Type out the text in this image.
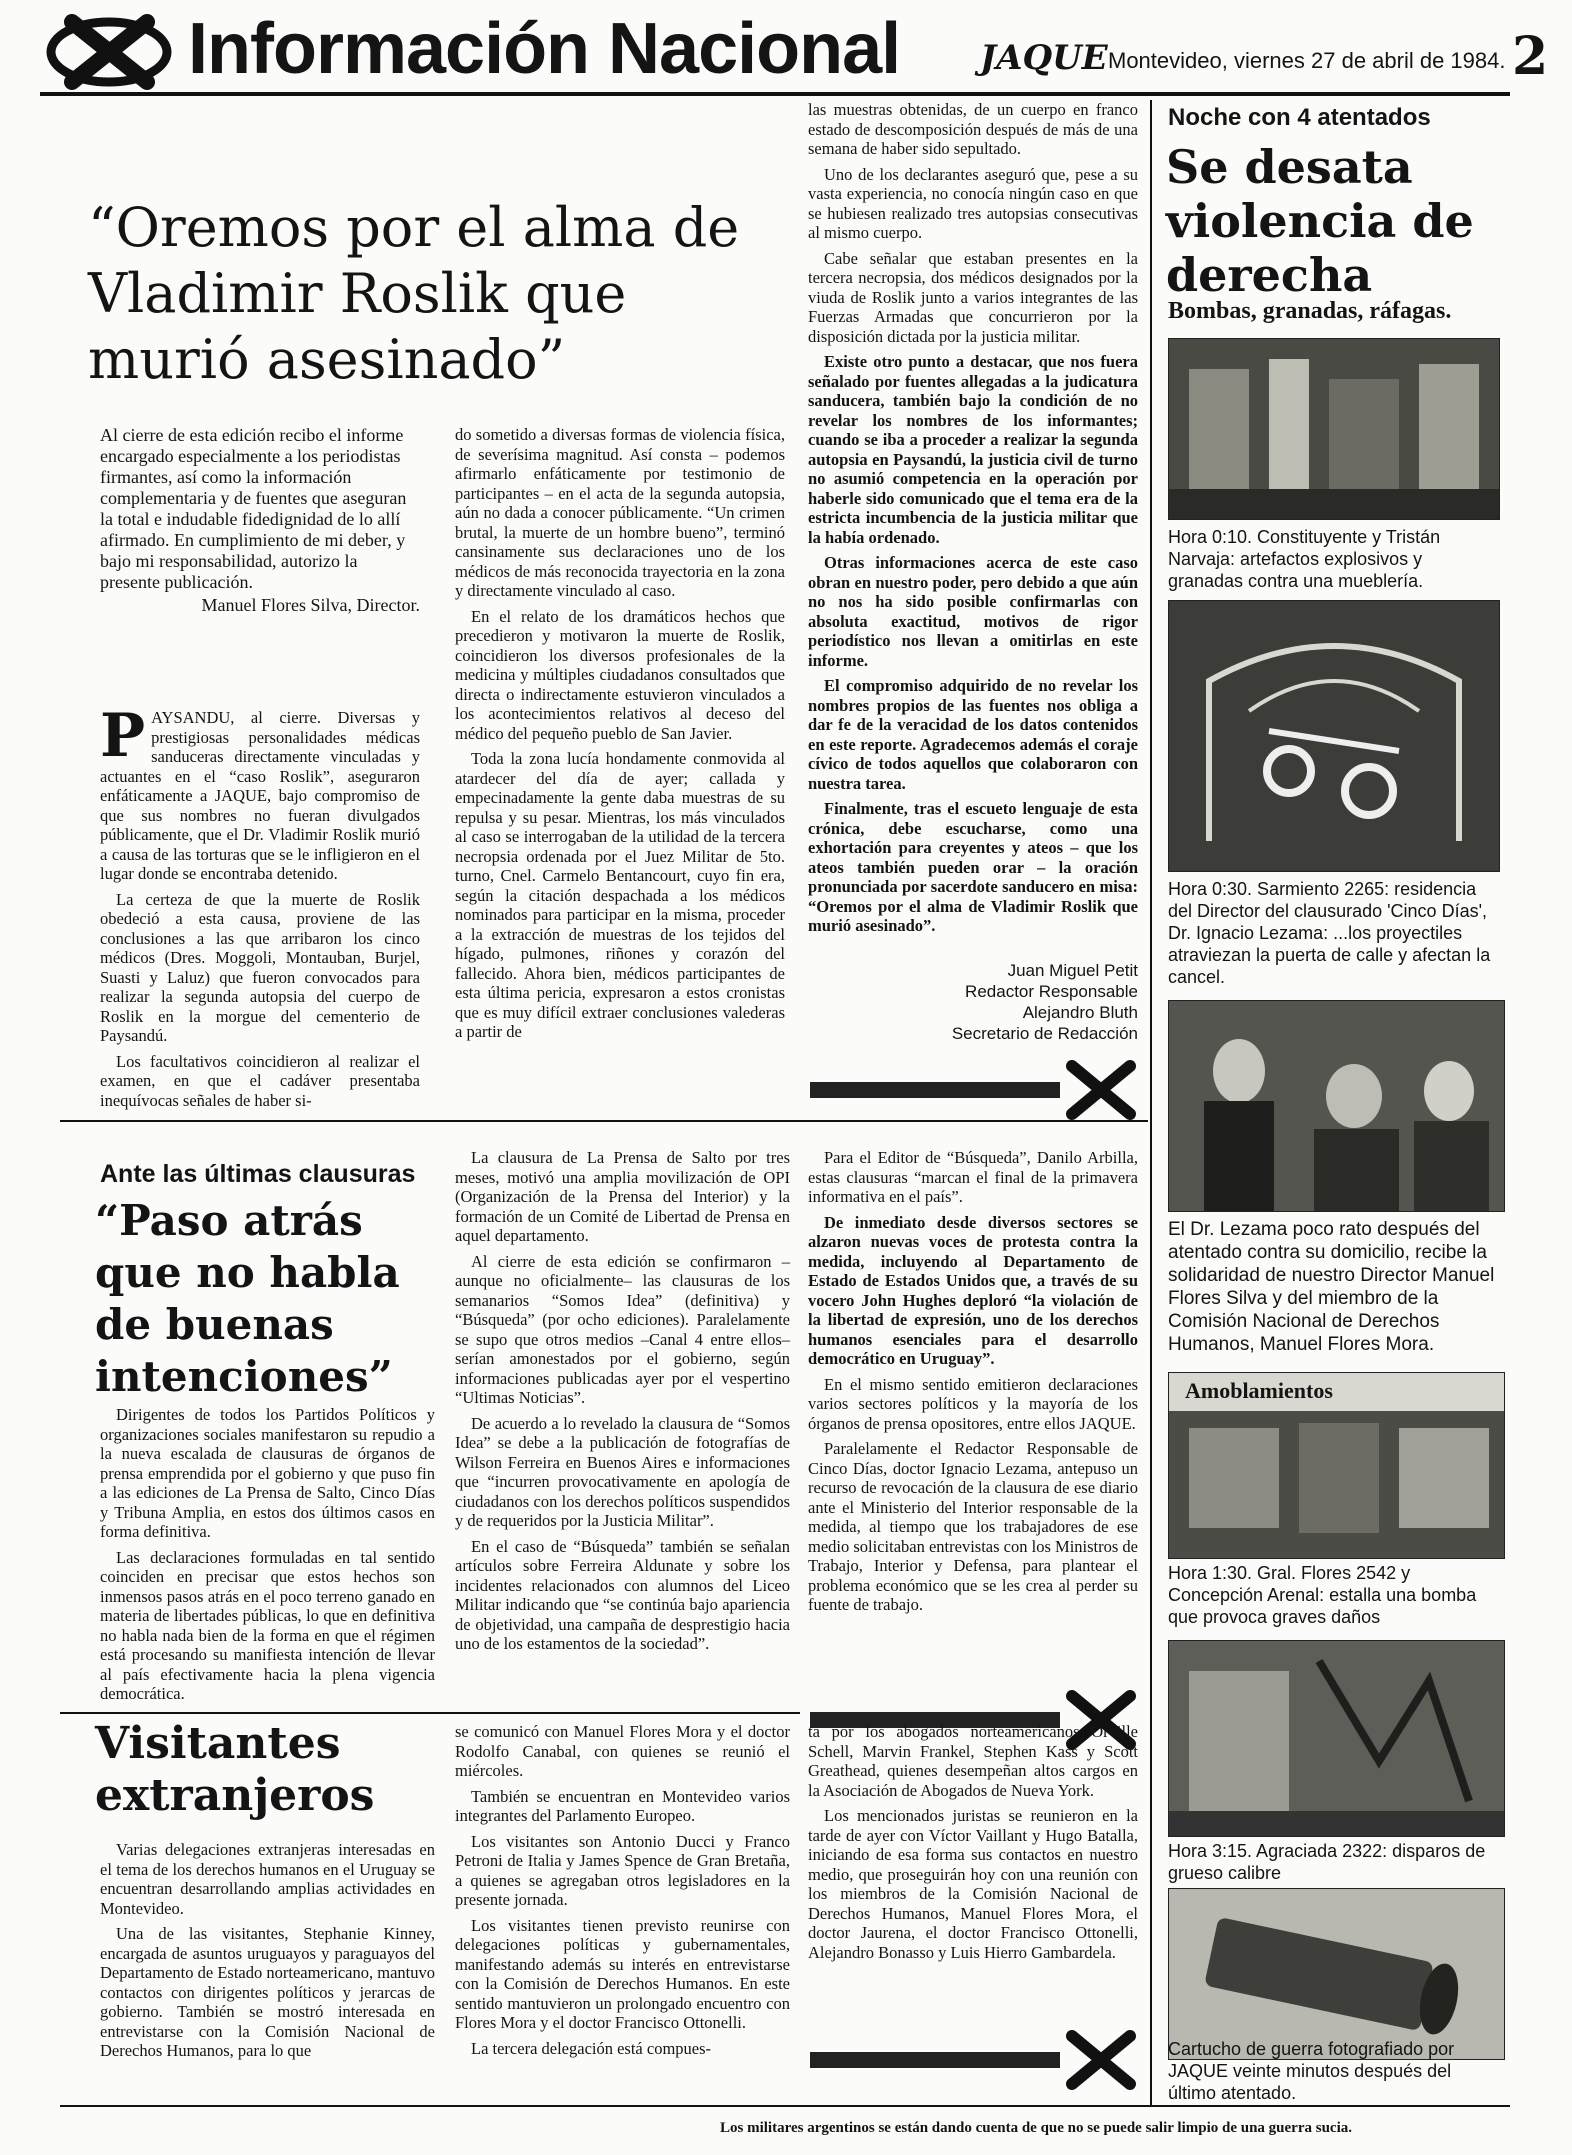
Información Nacional JAQUE Montevideo, viernes 27 de abril de 1984. 2
“Oremos por el alma de Vladimir Roslik que murió asesinado”
Al cierre de esta edición recibo el informe encargado especialmente a los periodistas firmantes, así como la información complementaria y de fuentes que aseguran la total e indudable fidedignidad de lo allí afirmado. En cumplimiento de mi deber, y bajo mi responsabilidad, autorizo la presente publicación.
Manuel Flores Silva, Director.
P AYSANDU, al cierre. Diversas y prestigiosas personalidades médicas sanduceras directamente vinculadas y actuantes en el “caso Roslik”, aseguraron enfáticamente a JAQUE, bajo compromiso de que sus nombres no fueran divulgados públicamente, que el Dr. Vladimir Roslik murió a causa de las torturas que se le infligieron en el lugar donde se encontraba detenido.

La certeza de que la muerte de Roslik obedeció a esta causa, proviene de las conclusiones a las que arribaron los cinco médicos (Dres. Moggoli, Montauban, Burjel, Suasti y Laluz) que fueron convocados para realizar la segunda autopsia del cuerpo de Roslik en la morgue del cementerio de Paysandú.

Los facultativos coincidieron al realizar el examen, en que el cadáver presentaba inequívocas señales de haber si-

do sometido a diversas formas de violencia física, de severísima magnitud. Así consta – podemos afirmarlo enfáticamente por testimonio de participantes – en el acta de la segunda autopsia, aún no dada a conocer públicamente. “Un crimen brutal, la muerte de un hombre bueno”, terminó cansinamente sus declaraciones uno de los médicos de más reconocida trayectoria en la zona y directamente vinculado al caso.

En el relato de los dramáticos hechos que precedieron y motivaron la muerte de Roslik, coincidieron los diversos profesionales de la medicina y múltiples ciudadanos consultados que directa o indirectamente estuvieron vinculados a los acontecimientos relativos al deceso del médico del pequeño pueblo de San Javier.

Toda la zona lucía hondamente conmovida al atardecer del día de ayer; callada y empecinadamente la gente daba muestras de su repulsa y su pesar. Mientras, los más vinculados al caso se interrogaban de la utilidad de la tercera necropsia ordenada por el Juez Militar de 5to. turno, Cnel. Carmelo Bentancourt, cuyo fin era, según la citación despachada a los médicos nominados para participar en la misma, proceder a la extracción de muestras de los tejidos del hígado, pulmones, riñones y corazón del fallecido. Ahora bien, médicos participantes de esta última pericia, expresaron a estos cronistas que es muy difícil extraer conclusiones valederas a partir de

las muestras obtenidas, de un cuerpo en franco estado de descomposición después de más de una semana de haber sido sepultado.

Uno de los declarantes aseguró que, pese a su vasta experiencia, no conocía ningún caso en que se hubiesen realizado tres autopsias consecutivas al mismo cuerpo.

Cabe señalar que estaban presentes en la tercera necropsia, dos médicos designados por la viuda de Roslik junto a varios integrantes de las Fuerzas Armadas que concurrieron por la disposición dictada por la justicia militar.

Existe otro punto a destacar, que nos fuera señalado por fuentes allegadas a la judicatura sanducera, también bajo la condición de no revelar los nombres de los informantes; cuando se iba a proceder a realizar la segunda autopsia en Paysandú, la justicia civil de turno no asumió competencia en la operación por haberle sido comunicado que el tema era de la estricta incumbencia de la justicia militar que la había ordenado.

Otras informaciones acerca de este caso obran en nuestro poder, pero debido a que aún no nos ha sido posible confirmarlas con absoluta exactitud, motivos de rigor periodístico nos llevan a omitirlas en este informe.

El compromiso adquirido de no revelar los nombres propios de las fuentes nos obliga a dar fe de la veracidad de los datos contenidos en este reporte. Agradecemos además el coraje cívico de todos aquellos que colaboraron con nuestra tarea.

Finalmente, tras el escueto lenguaje de esta crónica, debe escucharse, como una exhortación para creyentes y ateos – que los ateos también pueden orar – la oración pronunciada por sacerdote sanducero en misa: “Oremos por el alma de Vladimir Roslik que murió asesinado”.

Juan Miguel Petit
Redactor Responsable
Alejandro Bluth
Secretario de Redacción
Ante las últimas clausuras
“Paso atrás que no habla de buenas intenciones”

Dirigentes de todos los Partidos Políticos y organizaciones sociales manifestaron su repudio a la nueva escalada de clausuras de órganos de prensa emprendida por el gobierno y que puso fin a las ediciones de La Prensa de Salto, Cinco Días y Tribuna Amplia, en estos dos últimos casos en forma definitiva.

Las declaraciones formuladas en tal sentido coinciden en precisar que estos hechos son inmensos pasos atrás en el poco terreno ganado en materia de libertades públicas, lo que en definitiva no habla nada bien de la forma en que el régimen está procesando su manifiesta intención de llevar al país efectivamente hacia la plena vigencia democrática.

La clausura de La Prensa de Salto por tres meses, motivó una amplia movilización de OPI (Organización de la Prensa del Interior) y la formación de un Comité de Libertad de Prensa en aquel departamento.

Al cierre de esta edición se confirmaron –aunque no oficialmente– las clausuras de los semanarios “Somos Idea” (definitiva) y “Búsqueda” (por ocho ediciones). Paralelamente se supo que otros medios –Canal 4 entre ellos– serían amonestados por el gobierno, según informaciones publicadas ayer por el vespertino “Ultimas Noticias”.

De acuerdo a lo revelado la clausura de “Somos Idea” se debe a la publicación de fotografías de Wilson Ferreira en Buenos Aires e informaciones que “incurren provocativamente en apología de ciudadanos con los derechos políticos suspendidos y de requeridos por la Justicia Militar”.

En el caso de “Búsqueda” también se señalan artículos sobre Ferreira Aldunate y sobre los incidentes relacionados con alumnos del Liceo Militar indicando que “se continúa bajo apariencia de objetividad, una campaña de desprestigio hacia uno de los estamentos de la sociedad”.

Para el Editor de “Búsqueda”, Danilo Arbilla, estas clausuras “marcan el final de la primavera informativa en el país”.

De inmediato desde diversos sectores se alzaron nuevas voces de protesta contra la medida, incluyendo al Departamento de Estado de Estados Unidos que, a través de su vocero John Hughes deploró “la violación de la libertad de expresión, uno de los derechos humanos esenciales para el desarrollo democrático en Uruguay”.

En el mismo sentido emitieron declaraciones varios sectores políticos y la mayoría de los órganos de prensa opositores, entre ellos JAQUE.

Paralelamente el Redactor Responsable de Cinco Días, doctor Ignacio Lezama, antepuso un recurso de revocación de la clausura de ese diario ante el Ministerio del Interior responsable de la medida, al tiempo que los trabajadores de ese medio solicitaban entrevistas con los Ministros de Trabajo, Interior y Defensa, para plantear el problema económico que se les crea al perder su fuente de trabajo.

Visitantes extranjeros

Varias delegaciones extranjeras interesadas en el tema de los derechos humanos en el Uruguay se encuentran desarrollando amplias actividades en Montevideo.

Una de las visitantes, Stephanie Kinney, encargada de asuntos uruguayos y paraguayos del Departamento de Estado norteamericano, mantuvo contactos con dirigentes políticos y jerarcas de gobierno. También se mostró interesada en entrevistarse con la Comisión Nacional de Derechos Humanos, para lo que

se comunicó con Manuel Flores Mora y el doctor Rodolfo Canabal, con quienes se reunió el miércoles.

También se encuentran en Montevideo varios integrantes del Parlamento Europeo.

Los visitantes son Antonio Ducci y Franco Petroni de Italia y James Spence de Gran Bretaña, a quienes se agregaban otros legisladores en la presente jornada.

Los visitantes tienen previsto reunirse con delegaciones políticas y gubernamentales, manifestando además su interés en entrevistarse con la Comisión de Derechos Humanos. En este sentido mantuvieron un prolongado encuentro con Flores Mora y el doctor Francisco Ottonelli.

La tercera delegación está compues-

ta por los abogados norteamericanos Orville Schell, Marvin Frankel, Stephen Kass y Scott Greathead, quienes desempeñan altos cargos en la Asociación de Abogados de Nueva York.

Los mencionados juristas se reunieron en la tarde de ayer con Víctor Vaillant y Hugo Batalla, iniciando de esa forma sus contactos en nuestro medio, que proseguirán hoy con una reunión con los miembros de la Comisión Nacional de Derechos Humanos, Manuel Flores Mora, el doctor Jaurena, el doctor Francisco Ottonelli, Alejandro Bonasso y Luis Hierro Gambardela.

Noche con 4 atentados
Se desata violencia de derecha
Bombas, granadas, ráfagas.
Hora 0:10. Constituyente y Tristán Narvaja: artefactos explosivos y granadas contra una mueblería.
Hora 0:30. Sarmiento 2265: residencia del Director del clausurado 'Cinco Días', Dr. Ignacio Lezama: ...los proyectiles atraviezan la puerta de calle y afectan la cancel.
El Dr. Lezama poco rato después del atentado contra su domicilio, recibe la solidaridad de nuestro Director Manuel Flores Silva y del miembro de la Comisión Nacional de Derechos Humanos, Manuel Flores Mora.
Amoblamientos
Hora 1:30. Gral. Flores 2542 y Concepción Arenal: estalla una bomba que provoca graves daños
Hora 3:15. Agraciada 2322: disparos de grueso calibre
Cartucho de guerra fotografiado por JAQUE veinte minutos después del último atentado.
Los militares argentinos se están dando cuenta de que no se puede salir limpio de una guerra sucia.
